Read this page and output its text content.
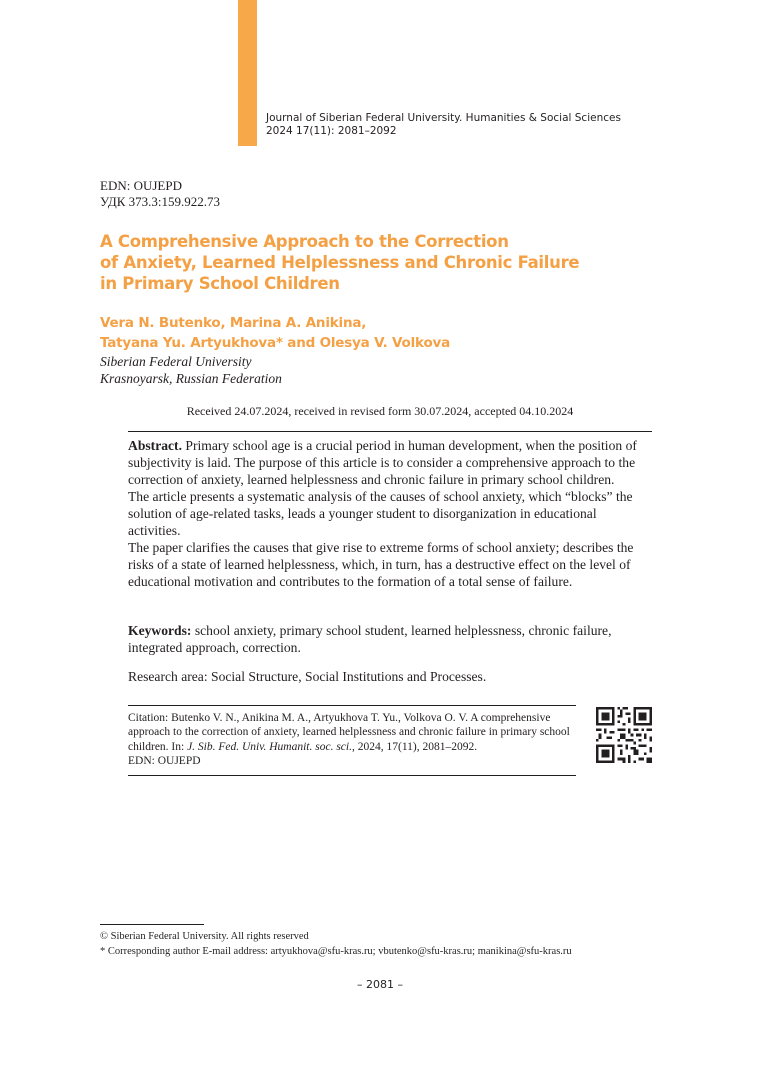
Journal of Siberian Federal University. Humanities & Social Sciences
2024 17(11): 2081–2092
EDN: OUJEPD
УДК 373.3:159.922.73
A Comprehensive Approach to the Correction
of Anxiety, Learned Helplessness and Chronic Failure
in Primary School Children
Vera N. Butenko, Marina A. Anikina,
Tatyana Yu. Artyukhova* and Olesya V. Volkova
Siberian Federal University
Krasnoyarsk, Russian Federation
Received 24.07.2024, received in revised form 30.07.2024, accepted 04.10.2024

Abstract. Primary school age is a crucial period in human development, when the position of subjectivity is laid. The purpose of this article is to consider a comprehensive approach to the correction of anxiety, learned helplessness and chronic failure in primary school children.

The article presents a systematic analysis of the causes of school anxiety, which “blocks” the solution of age-related tasks, leads a younger student to disorganization in educational activities.

The paper clarifies the causes that give rise to extreme forms of school anxiety; describes the risks of a state of learned helplessness, which, in turn, has a destructive effect on the level of educational motivation and contributes to the formation of a total sense of failure.

Keywords: school anxiety, primary school student, learned helplessness, chronic failure, integrated approach, correction.
Research area: Social Structure, Social Institutions and Processes.
Citation: Butenko V. N., Anikina M. A., Artyukhova T. Yu., Volkova O. V. A comprehensive approach to the correction of anxiety, learned helplessness and chronic failure in primary school children. In: J. Sib. Fed. Univ. Humanit. soc. sci., 2024, 17(11), 2081–2092.
EDN: OUJEPD
© Siberian Federal University. All rights reserved
* Corresponding author E-mail address: artyukhova@sfu-kras.ru; vbutenko@sfu-kras.ru; manikina@sfu-kras.ru
– 2081 –
